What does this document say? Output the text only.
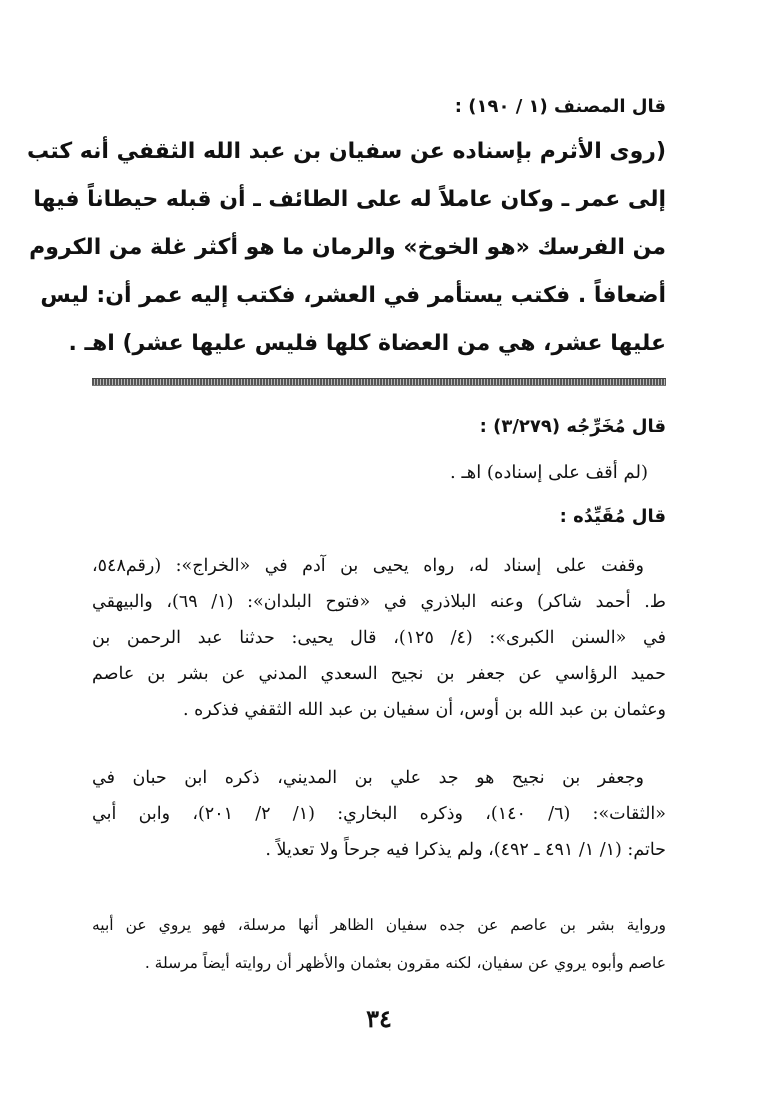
قال المصنف (١ / ١٩٠) :
(روى الأثرم بإسناده عن سفيان بن عبد الله الثقفي أنه كتب
إلى عمر ـ وكان عاملاً له على الطائف ـ أن قبله حيطاناً فيها
من الفرسك «هو الخوخ» والرمان ما هو أكثر غلة من الكروم
أضعافاً . فكتب يستأمر في العشر، فكتب إليه عمر أن: ليس
عليها عشر، هي من العضاة كلها فليس عليها عشر) اهـ .
قال مُخَرِّجُه (٣/٢٧٩) :
(لم أقف على إسناده) اهـ .
قال مُقَيِّدُه :
وقفت على إسناد له، رواه يحيى بن آدم في «الخراج»: (رقم٥٤٨،
ط. أحمد شاكر) وعنه البلاذري في «فتوح البلدان»: (١/ ٦٩)، والبيهقي
في «السنن الكبرى»: (٤/ ١٢٥)، قال يحيى: حدثنا عبد الرحمن بن
حميد الرؤاسي عن جعفر بن نجيح السعدي المدني عن بشر بن عاصم
وعثمان بن عبد الله بن أوس، أن سفيان بن عبد الله الثقفي فذكره .
وجعفر بن نجيح هو جد علي بن المديني، ذكره ابن حبان في
«الثقات»: (٦/ ١٤٠)، وذكره البخاري: (١/ ٢/ ٢٠١)، وابن أبي
حاتم: (١/ ١/ ٤٩١ ـ ٤٩٢)، ولم يذكرا فيه جرحاً ولا تعديلاً .
ورواية بشر بن عاصم عن جده سفيان الظاهر أنها مرسلة، فهو يروي عن أبيه
عاصم وأبوه يروي عن سفيان، لكنه مقرون بعثمان والأظهر أن روايته أيضاً مرسلة .
٣٤
